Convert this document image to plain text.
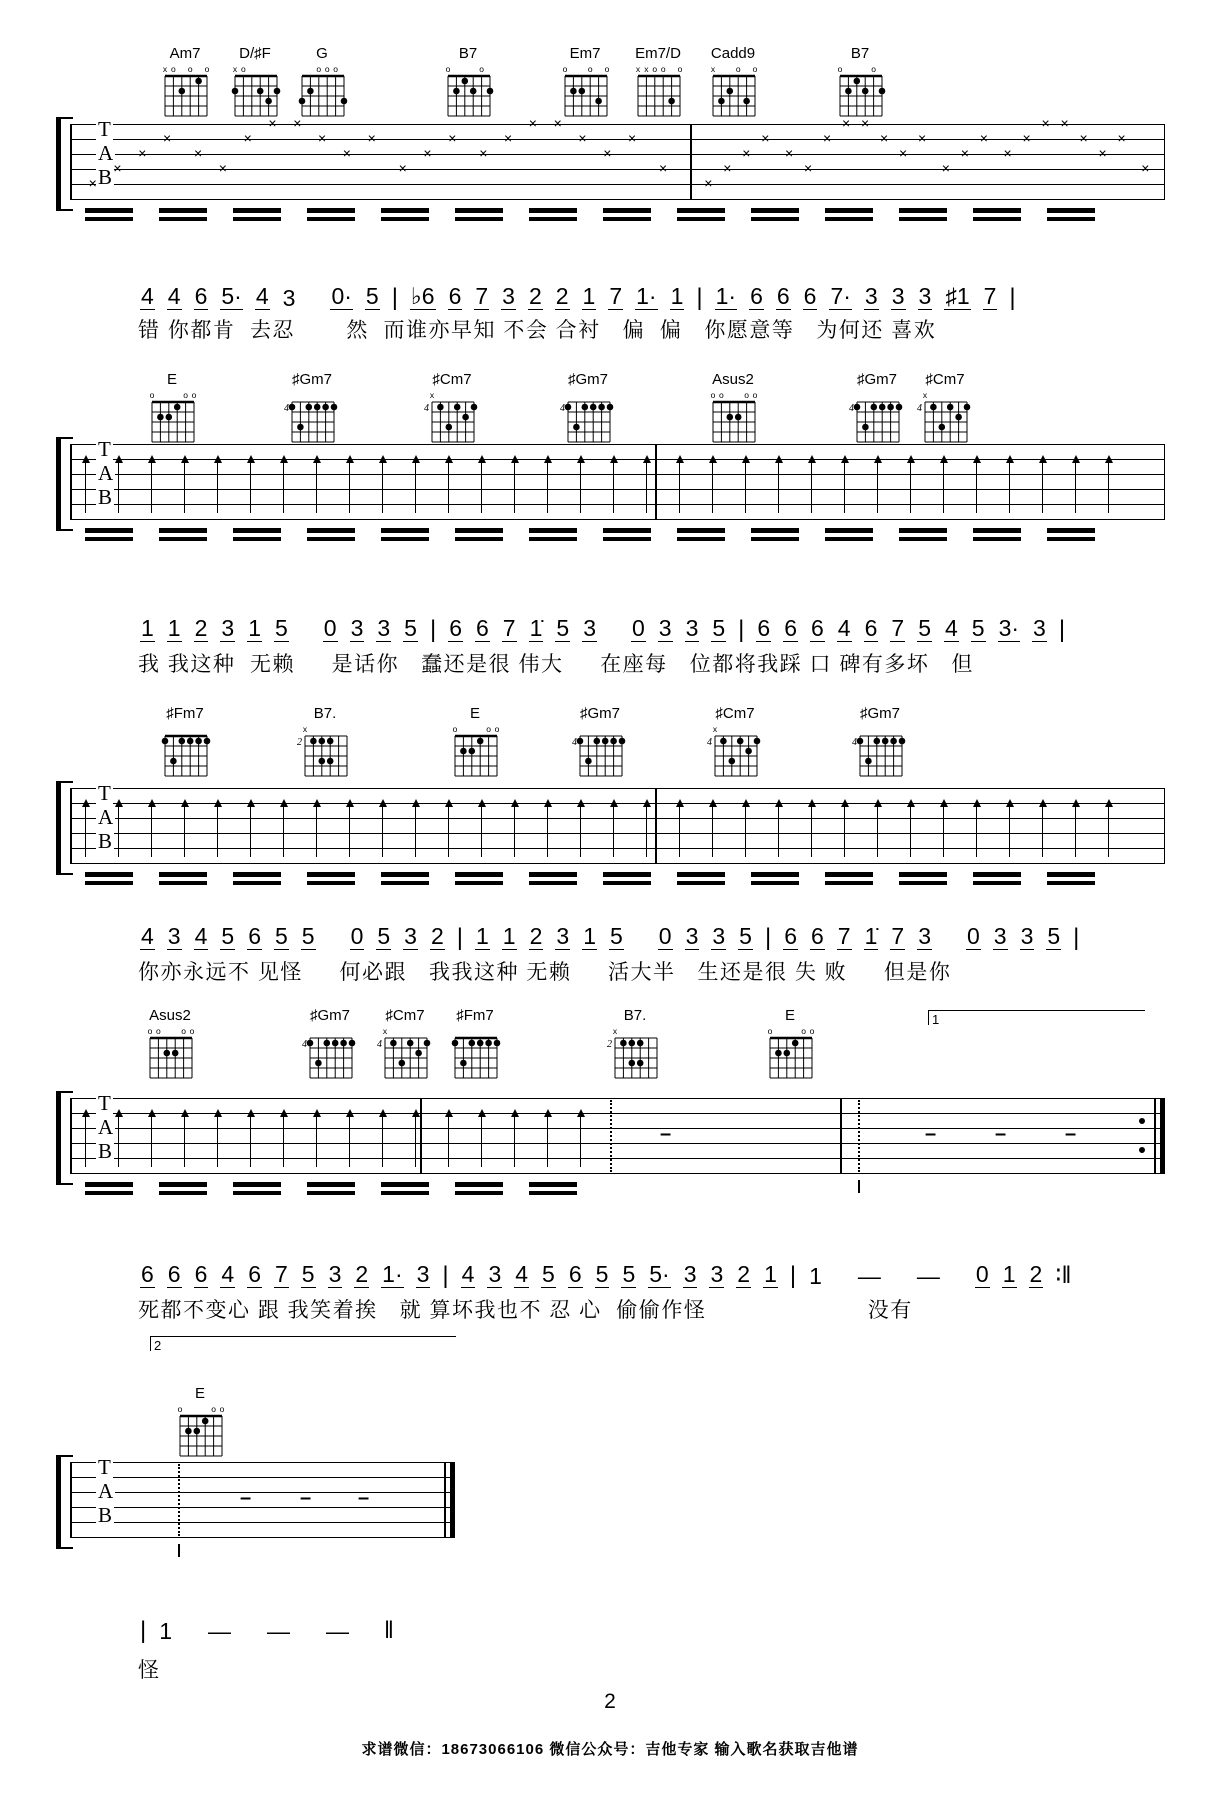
2
求谱微信：18673066106 微信公众号：吉他专家 输入歌名获取吉他谱
Am7
x o o o
D/♯F
x o
G
o o o
B7
o	o
Em7
o o o
Em7/D
x x o o o
Cadd9
x o o
B7
o	o
T
A
B
×
×
×
×
×
×
×
× ×
×
×
×
×
×
×
×
×
× ×
×
×
×
×
×
×
×
×
×
×
×
× ×
×
×
×
×
×
×
×
×
× ×
×
×
×
×
4 4 6 5· 4 3 0· 5 | ♭6 6 7 3 2 2 1 7 1· 1 | 1· 6 6 6 7· 3 3 3 ♯1 7 |
错 你都肯  去忍       然  而谁亦早知 不会 合衬   偏  偏   你愿意等   为何还 喜欢
E
o	o o
♯Gm7
4
♯Cm7
x
4
♯Gm7
4
Asus2
o o o o
♯Gm7
4
♯Cm7
x
4
T
A
B
1 1 2 3 1 5 0 3 3 5 | 6 6 7 1̇ 5 3 0 3 3 5 | 6 6 6 4 6 7 5 4 5 3· 3 |
我 我这种  无赖     是话你   蠢还是很 伟大     在座每   位都将我踩 口 碑有多坏   但
♯Fm7	B7.
x
2
E
o	o o
♯Gm7
4
♯Cm7
x
4
♯Gm7
4
T
A
B
4 3 4 5 6 5 5 0 5 3 2 | 1 1 2 3 1 5 0 3 3 5 | 6 6 7 1̇ 7 3 0 3 3 5 |
你亦永远不 见怪     何必跟   我我这种 无赖     活大半   生还是很 失 败     但是你
Asus2
o o o o
♯Gm7
4
♯Cm7
x
4
♯Fm7	B7.
x
2
E
o	o o
T
A
B
–	–	–	–
6 6 6 4 6 7 5 3 2 1· 3 | 4 3 4 5 6 5 5 5· 3 3 2 1 | 1 — — 0 1 2 ∶‖
死都不变心 跟 我笑着挨   就 算坏我也不 忍 心  偷偷作怪                      没有
E
o	o o
T
A
B
– – –
| 1 — — — ‖
怪
1
2
